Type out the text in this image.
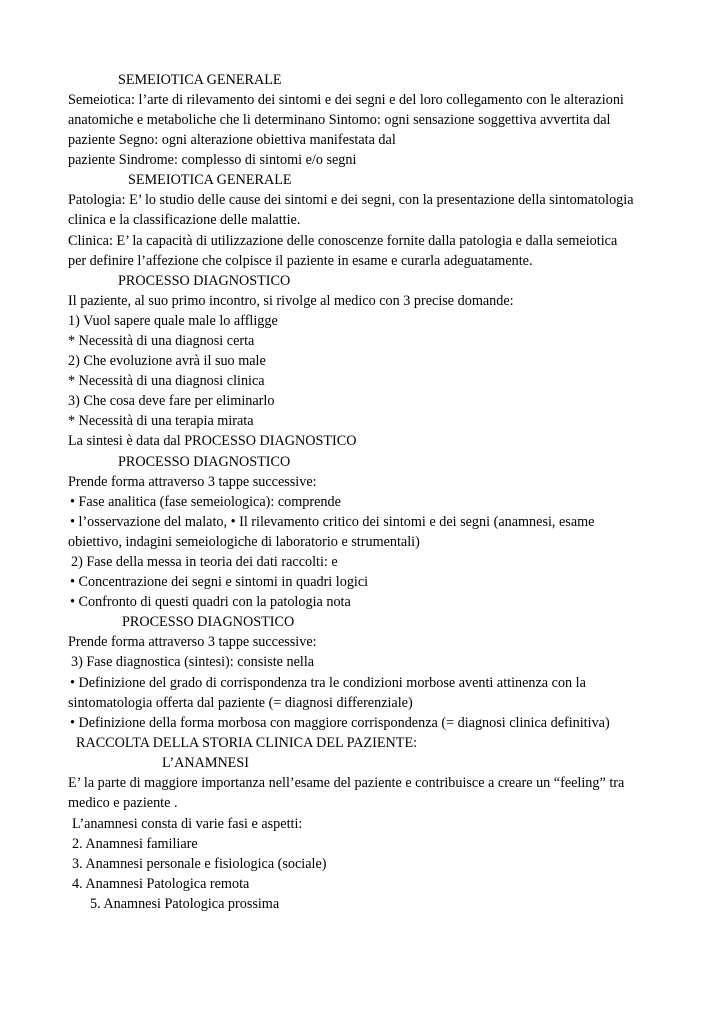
SEMEIOTICA GENERALE
Semeiotica: l’arte di rilevamento dei sintomi e dei segni e del loro collegamento con le alterazioni
anatomiche e metaboliche che li determinano Sintomo: ogni sensazione soggettiva avvertita dal
paziente Segno: ogni alterazione obiettiva manifestata dal
paziente Sindrome: complesso di sintomi e/o segni
SEMEIOTICA GENERALE
Patologia: E’ lo studio delle cause dei sintomi e dei segni, con la presentazione della sintomatologia
clinica e la classificazione delle malattie.
Clinica: E’ la capacità di utilizzazione delle conoscenze fornite dalla patologia e dalla semeiotica
per definire l’affezione che colpisce il paziente in esame e curarla adeguatamente.
PROCESSO DIAGNOSTICO
Il paziente, al suo primo incontro, si rivolge al medico con 3 precise domande:
1) Vuol sapere quale male lo affligge
* Necessità di una diagnosi certa
2) Che evoluzione avrà il suo male
* Necessità di una diagnosi clinica
3) Che cosa deve fare per eliminarlo
* Necessità di una terapia mirata
La sintesi è data dal PROCESSO DIAGNOSTICO
PROCESSO DIAGNOSTICO
Prende forma attraverso 3 tappe successive:
• Fase analitica (fase semeiologica): comprende
• l’osservazione del malato, • Il rilevamento critico dei sintomi e dei segni (anamnesi, esame
obiettivo, indagini semeiologiche di laboratorio e strumentali)
2) Fase della messa in teoria dei dati raccolti: e
• Concentrazione dei segni e sintomi in quadri logici
• Confronto di questi quadri con la patologia nota
PROCESSO DIAGNOSTICO
Prende forma attraverso 3 tappe successive:
3) Fase diagnostica (sintesi): consiste nella
• Definizione del grado di corrispondenza tra le condizioni morbose aventi attinenza con la
sintomatologia offerta dal paziente (= diagnosi differenziale)
• Definizione della forma morbosa con maggiore corrispondenza (= diagnosi clinica definitiva)
RACCOLTA DELLA STORIA CLINICA DEL PAZIENTE:
L’ANAMNESI
E’ la parte di maggiore importanza nell’esame del paziente e contribuisce a creare un “feeling” tra
medico e paziente .
L’anamnesi consta di varie fasi e aspetti:
2. Anamnesi familiare
3. Anamnesi personale e fisiologica (sociale)
4. Anamnesi Patologica remota
5. Anamnesi Patologica prossima
